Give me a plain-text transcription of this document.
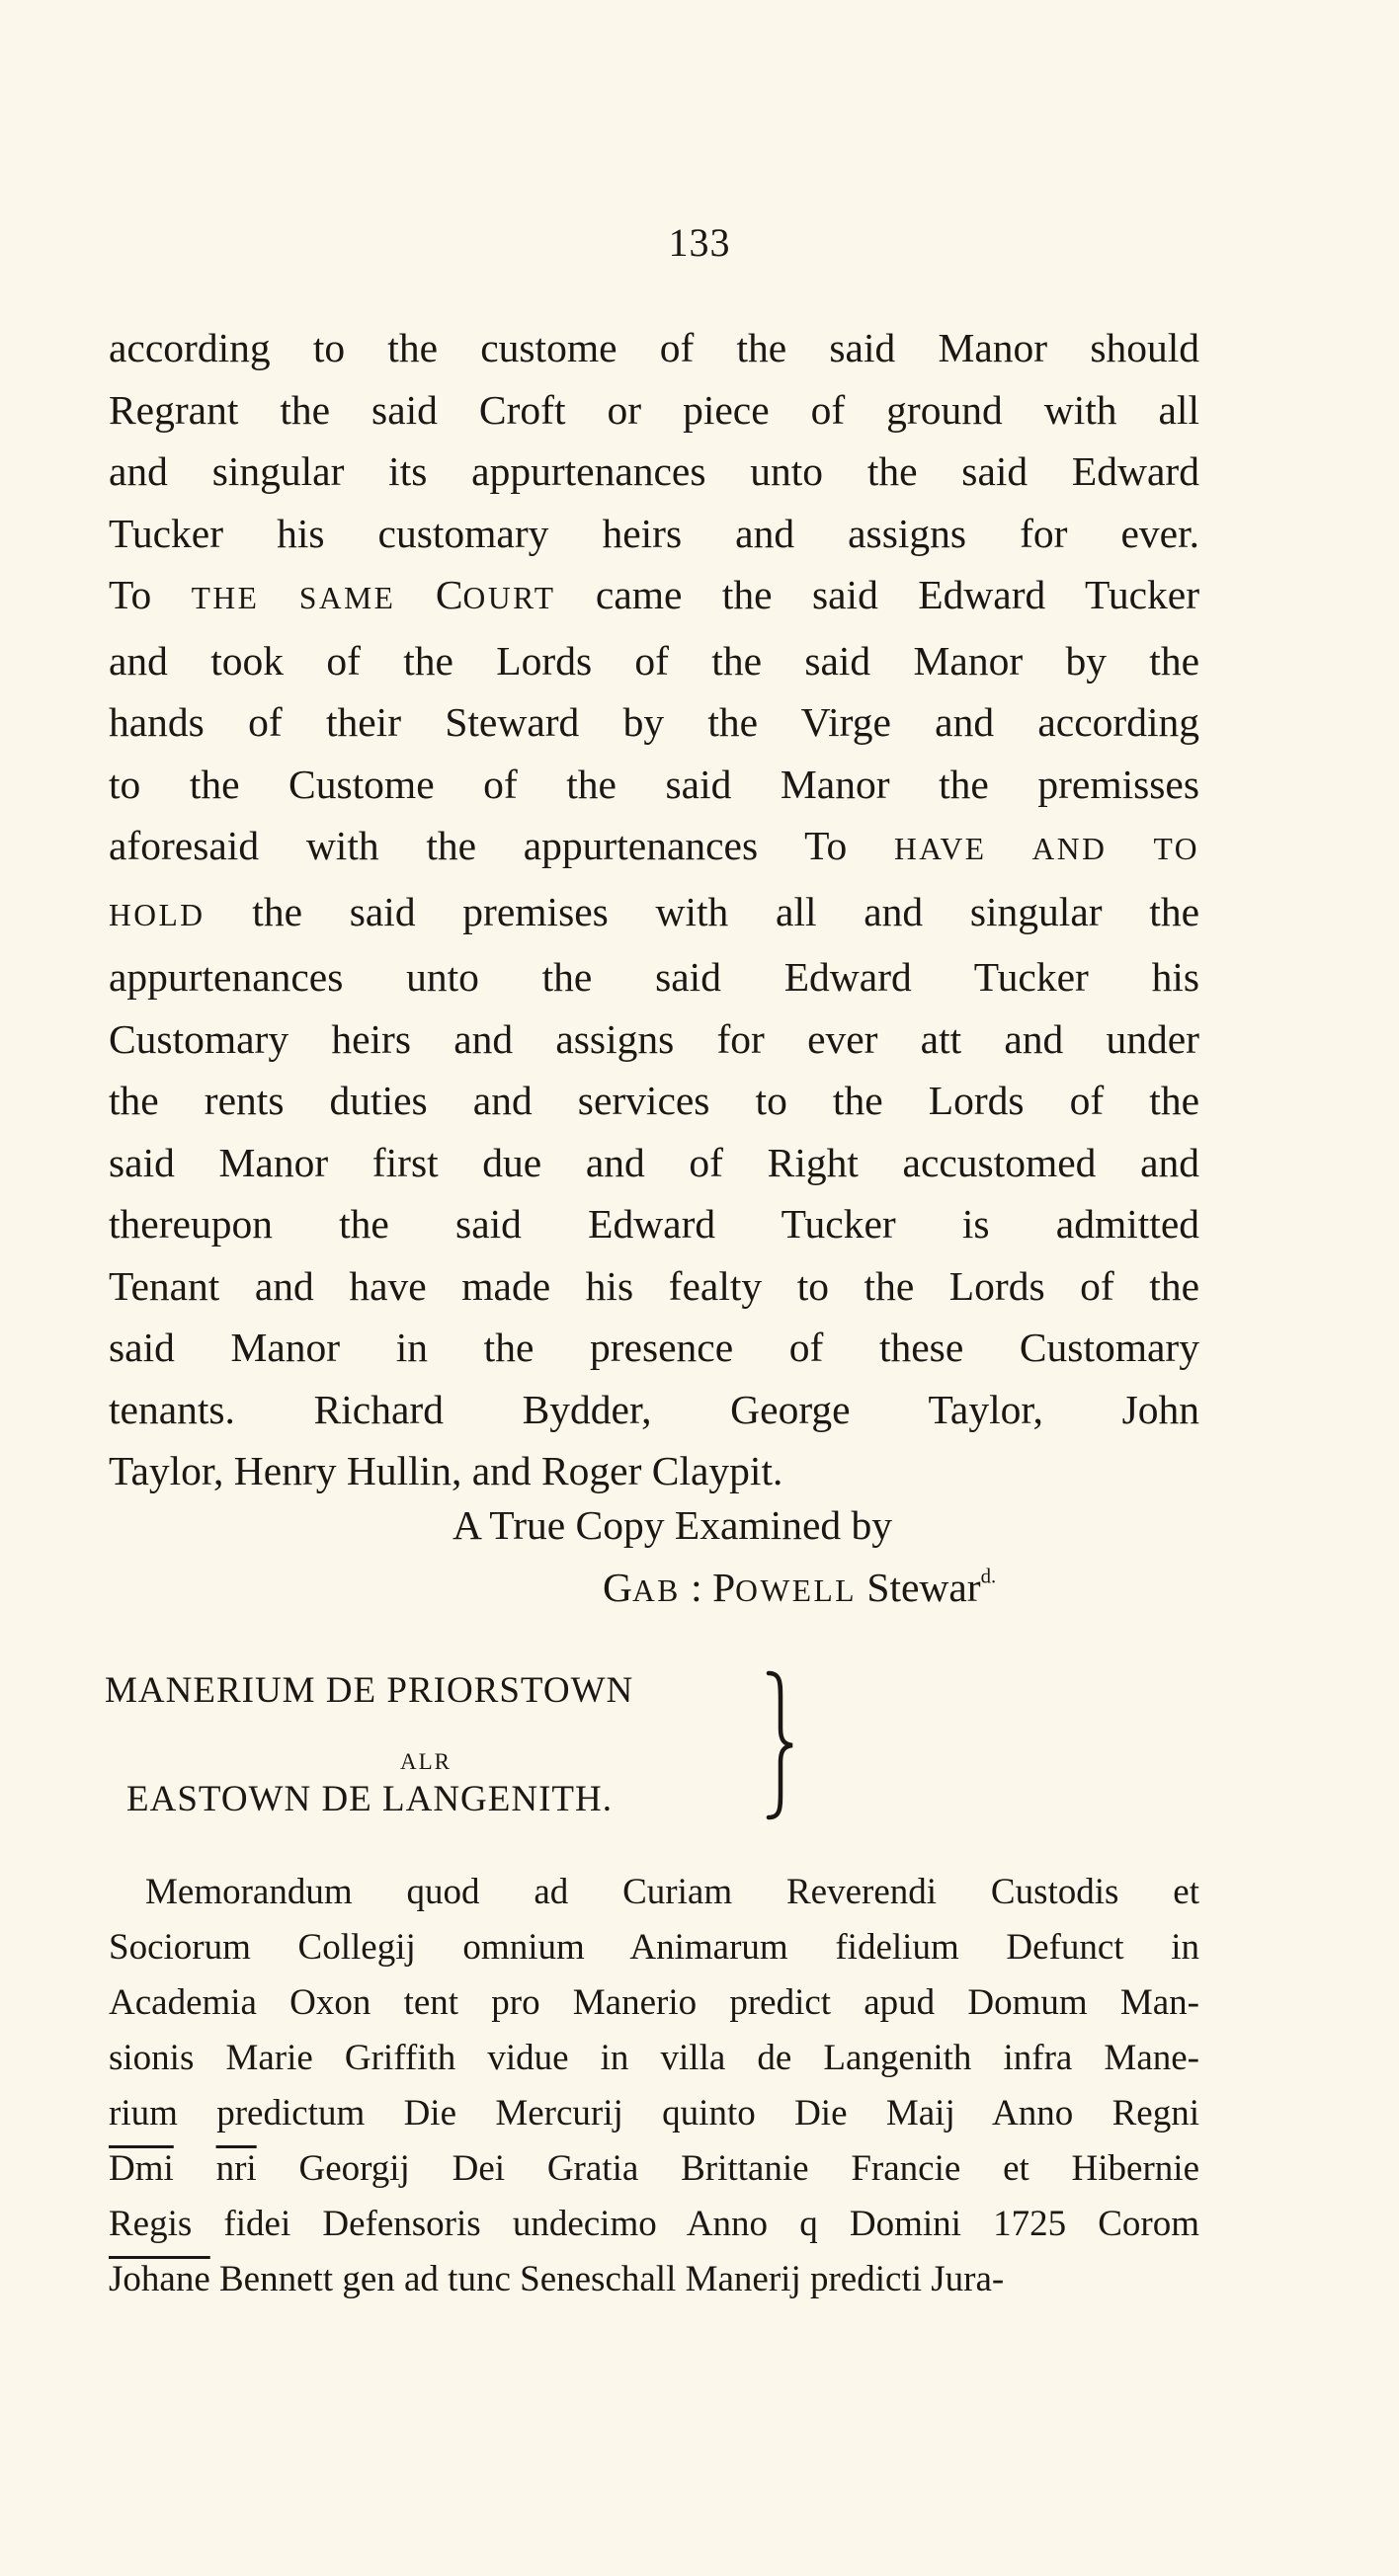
133
according to the custome of the said Manor should
Regrant the said Croft or piece of ground with all
and singular its appurtenances unto the said Edward
Tucker his customary heirs and assigns for ever.
To THE SAME COURT came the said Edward Tucker
and took of the Lords of the said Manor by the
hands of their Steward by the Virge and according
to the Custome of the said Manor the premisses
aforesaid with the appurtenances To HAVE AND TO
HOLD the said premises with all and singular the
appurtenances unto the said Edward Tucker his
Customary heirs and assigns for ever att and under
the rents duties and services to the Lords of the
said Manor first due and of Right accustomed and
thereupon the said Edward Tucker is admitted
Tenant and have made his fealty to the Lords of the
said Manor in the presence of these Customary
tenants. Richard Bydder, George Taylor, John
Taylor, Henry Hullin, and Roger Claypit.
A True Copy Examined by
GAB : POWELL Stewar$^{d.}$
MANERIUM DE PRIORSTOWN
ALR
EASTOWN DE LANGENITH.
 Memorandum quod ad Curiam Reverendi Custodis et
Sociorum Collegij omnium Animarum fidelium Defunct in
Academia Oxon tent pro Manerio predict apud Domum Man-
sionis Marie Griffith vidue in villa de Langenith infra Mane-
rium predictum Die Mercurij quinto Die Maij Anno Regni
$\overline{Dmi}$ $\overline{nri}$ Georgij Dei Gratia Brittanie Francie et Hibernie
Regis fidei Defensoris undecimo Anno q Domini 1725 Corom
Johane Bennett gen ad tunc Seneschall Manerij predicti Jura-
